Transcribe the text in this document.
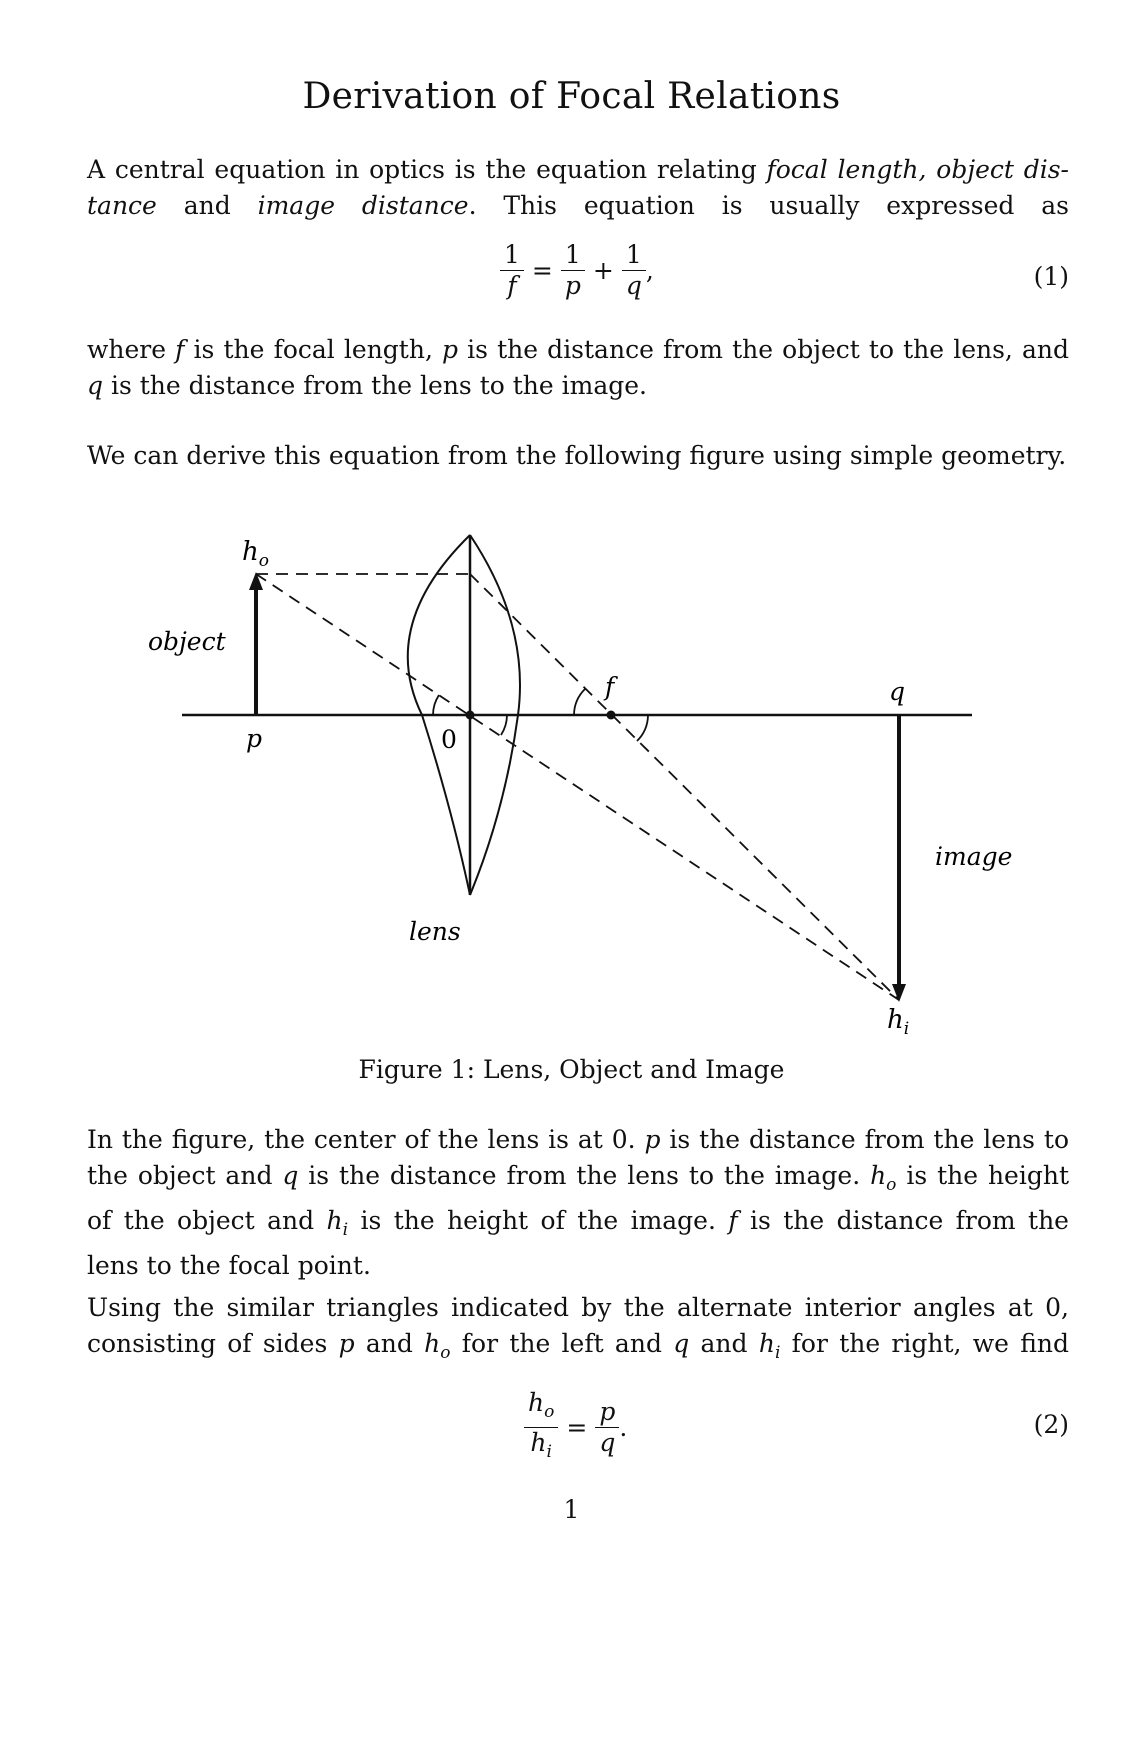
Derivation of Focal Relations
A central equation in optics is the equation relating focal length, object dis-
tance and image distance. This equation is usually expressed as
$\frac{1}{f} = \frac{1}{p} + \frac{1}{q}$ ,	(1)
where f is the focal length, p is the distance from the object to the lens, and
q is the distance from the lens to the image.
We can derive this equation from the following figure using simple geometry.
$h_o$
object
p	0
f	q
image
lens
$h_i$
Figure 1: Lens, Object and Image
In the figure, the center of the lens is at 0. p is the distance from the lens to
the object and q is the distance from the lens to the image. $h_o$ is the height
of the object and $h_i$ is the height of the image. f is the distance from the
lens to the focal point.
Using the similar triangles indicated by the alternate interior angles at 0,
consisting of sides p and $h_o$ for the left and q and $h_i$ for the right, we find
$\frac{h_o}{h_i} = \frac{p}{q}$ .	(2)
1
